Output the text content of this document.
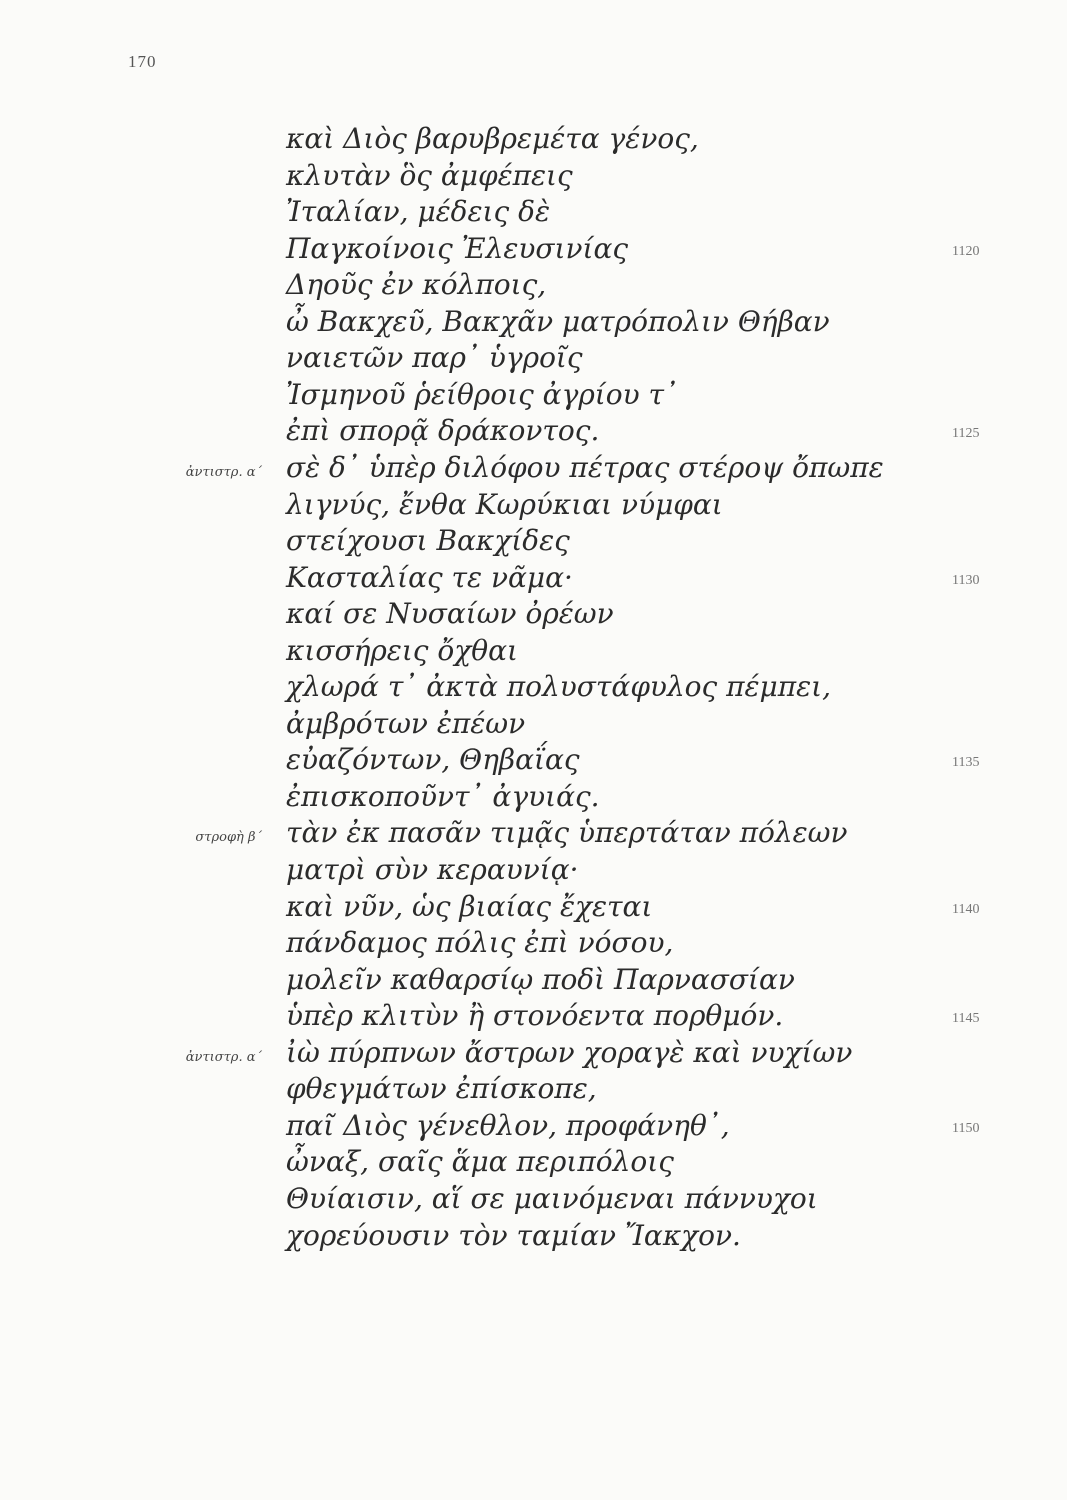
170
καὶ Διὸς βαρυβρεμέτα γένος,
κλυτὰν ὃς ἀμφέπεις
Ἰταλίαν, μέδεις δὲ
Παγκοίνοις Ἐλευσινίας	1120
Δηοῦς ἐν κόλποις,
ὦ Βακχεῦ, Βακχᾶν ματρόπολιν Θήβαν
ναιετῶν παρ᾽ ὑγροῖς
Ἰσμηνοῦ ῥείθροις ἀγρίου τ᾽
ἐπὶ σπορᾷ δράκοντος.	1125
σὲ δ᾽ ὑπὲρ διλόφου πέτρας στέροψ ὄπωπε
ἀντιστρ. α´
λιγνύς, ἔνθα Κωρύκιαι νύμφαι
στείχουσι Βακχίδες
Κασταλίας τε νᾶμα·	1130
καί σε Νυσαίων ὀρέων
κισσήρεις ὄχθαι
χλωρά τ᾽ ἀκτὰ πολυστάφυλος πέμπει,
ἀμβρότων ἐπέων
εὐαζόντων, Θηβαΐας	1135
ἐπισκοποῦντ᾽ ἀγυιάς.
τὰν ἐκ πασᾶν τιμᾷς ὑπερτάταν πόλεων
στροφὴ β´
ματρὶ σὺν κεραυνίᾳ·
καὶ νῦν, ὡς βιαίας ἔχεται	1140
πάνδαμος πόλις ἐπὶ νόσου,
μολεῖν καθαρσίῳ ποδὶ Παρνασσίαν
ὑπὲρ κλιτὺν ἢ στονόεντα πορθμόν.	1145
ἰὼ πύρπνων ἄστρων χοραγὲ καὶ νυχίων
ἀντιστρ. α´
φθεγμάτων ἐπίσκοπε,
παῖ Διὸς γένεθλον, προφάνηθ᾽,	1150
ὦναξ, σαῖς ἅμα περιπόλοις
Θυίαισιν, αἵ σε μαινόμεναι πάννυχοι
χορεύουσιν τὸν ταμίαν Ἴακχον.
